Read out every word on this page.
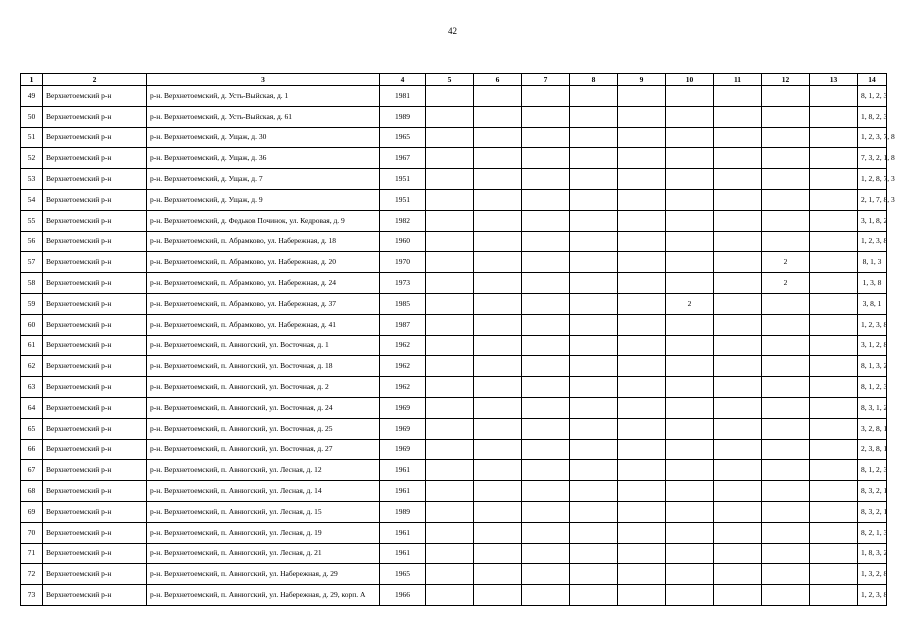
42
1	2	3	4	5	6	7	8	9	10	11	12	13	14
49	Верхнетоемский р-н	р-н. Верхнетоемский, д. Усть-Выйская, д. 1	1981										8, 1, 2, 3
50	Верхнетоемский р-н	р-н. Верхнетоемский, д. Усть-Выйская, д. 61	1989										1, 8, 2, 3
51	Верхнетоемский р-н	р-н. Верхнетоемский, д. Ущаж, д. 30	1965										1, 2, 3, 7, 8
52	Верхнетоемский р-н	р-н. Верхнетоемский, д. Ущаж, д. 36	1967										7, 3, 2, 1, 8
53	Верхнетоемский р-н	р-н. Верхнетоемский, д. Ущаж, д. 7	1951										1, 2, 8, 7, 3
54	Верхнетоемский р-н	р-н. Верхнетоемский, д. Ущаж, д. 9	1951										2, 1, 7, 8, 3
55	Верхнетоемский р-н	р-н. Верхнетоемский, д. Федьков Починок, ул. Кедровая, д. 9	1982										3, 1, 8, 2
56	Верхнетоемский р-н	р-н. Верхнетоемский, п. Абрамково, ул. Набережная, д. 18	1960										1, 2, 3, 8
57	Верхнетоемский р-н	р-н. Верхнетоемский, п. Абрамково, ул. Набережная, д. 20	1970								2		8, 1, 3
58	Верхнетоемский р-н	р-н. Верхнетоемский, п. Абрамково, ул. Набережная, д. 24	1973								2		1, 3, 8
59	Верхнетоемский р-н	р-н. Верхнетоемский, п. Абрамково, ул. Набережная, д. 37	1985						2				3, 8, 1
60	Верхнетоемский р-н	р-н. Верхнетоемский, п. Абрамково, ул. Набережная, д. 41	1987										1, 2, 3, 8
61	Верхнетоемский р-н	р-н. Верхнетоемский, п. Авнюгский, ул. Восточная, д. 1	1962										3, 1, 2, 8
62	Верхнетоемский р-н	р-н. Верхнетоемский, п. Авнюгский, ул. Восточная, д. 18	1962										8, 1, 3, 2
63	Верхнетоемский р-н	р-н. Верхнетоемский, п. Авнюгский, ул. Восточная, д. 2	1962										8, 1, 2, 3
64	Верхнетоемский р-н	р-н. Верхнетоемский, п. Авнюгский, ул. Восточная, д. 24	1969										8, 3, 1, 2
65	Верхнетоемский р-н	р-н. Верхнетоемский, п. Авнюгский, ул. Восточная, д. 25	1969										3, 2, 8, 1
66	Верхнетоемский р-н	р-н. Верхнетоемский, п. Авнюгский, ул. Восточная, д. 27	1969										2, 3, 8, 1
67	Верхнетоемский р-н	р-н. Верхнетоемский, п. Авнюгский, ул. Лесная, д. 12	1961										8, 1, 2, 3
68	Верхнетоемский р-н	р-н. Верхнетоемский, п. Авнюгский, ул. Лесная, д. 14	1961										8, 3, 2, 1
69	Верхнетоемский р-н	р-н. Верхнетоемский, п. Авнюгский, ул. Лесная, д. 15	1989										8, 3, 2, 1
70	Верхнетоемский р-н	р-н. Верхнетоемский, п. Авнюгский, ул. Лесная, д. 19	1961										8, 2, 1, 3
71	Верхнетоемский р-н	р-н. Верхнетоемский, п. Авнюгский, ул. Лесная, д. 21	1961										1, 8, 3, 2
72	Верхнетоемский р-н	р-н. Верхнетоемский, п. Авнюгский, ул. Набережная, д. 29	1965										1, 3, 2, 8
73	Верхнетоемский р-н	р-н. Верхнетоемский, п. Авнюгский, ул. Набережная, д. 29, корп. А	1966										1, 2, 3, 8
